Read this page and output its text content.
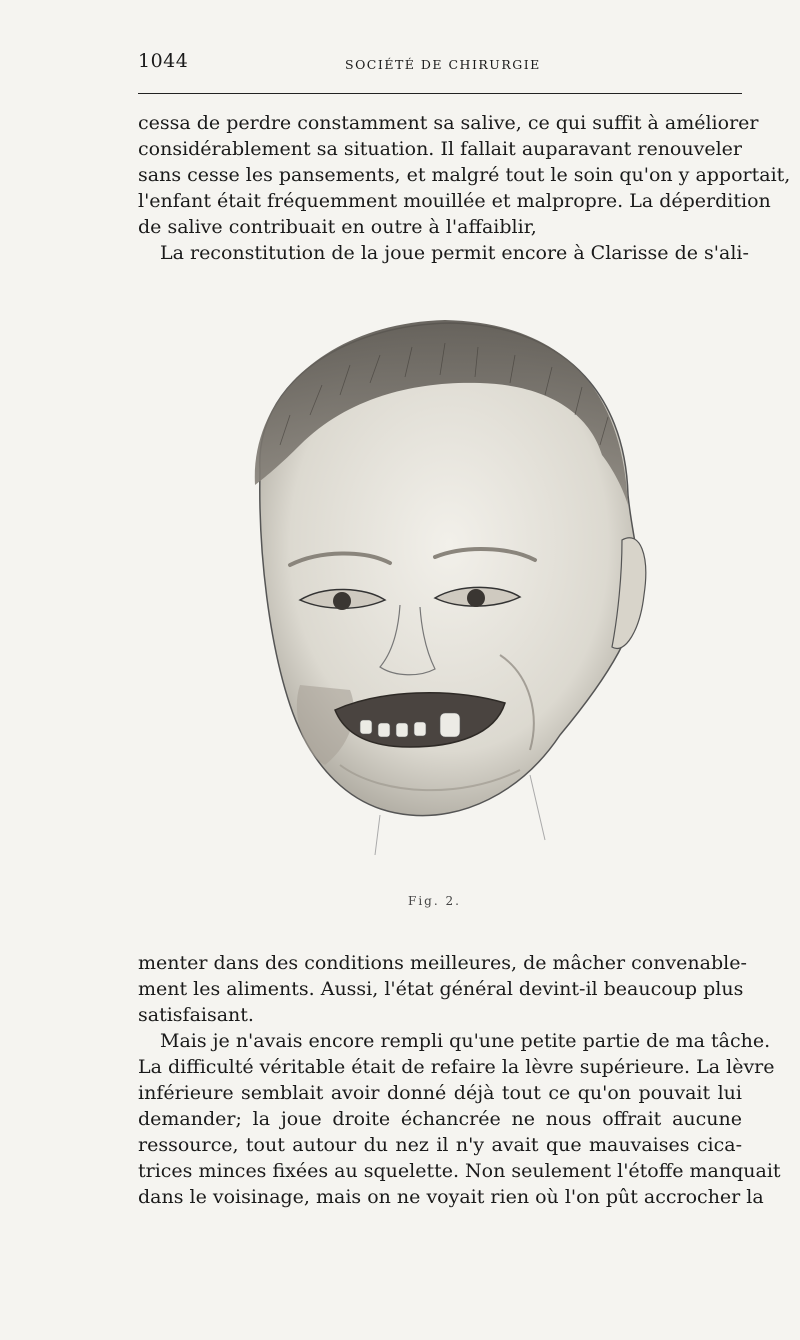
1044	SOCIÉTÉ DE CHIRURGIE
cessa de perdre constamment sa salive, ce qui suffit à améliorer
considérablement sa situation. Il fallait auparavant renouveler
sans cesse les pansements, et malgré tout le soin qu'on y apportait,
l'enfant était fréquemment mouillée et malpropre. La déperdition
de salive contribuait en outre à l'affaiblir,
La reconstitution de la joue permit encore à Clarisse de s'ali-
Fig. 2.
menter dans des conditions meilleures, de mâcher convenable-
ment les aliments. Aussi, l'état général devint-il beaucoup plus
satisfaisant.
Mais je n'avais encore rempli qu'une petite partie de ma tâche.
La difficulté véritable était de refaire la lèvre supérieure. La lèvre
inférieure semblait avoir donné déjà tout ce qu'on pouvait lui
demander; la joue droite échancrée ne nous offrait aucune
ressource, tout autour du nez il n'y avait que mauvaises cica-
trices minces fixées au squelette. Non seulement l'étoffe manquait
dans le voisinage, mais on ne voyait rien où l'on pût accrocher la
